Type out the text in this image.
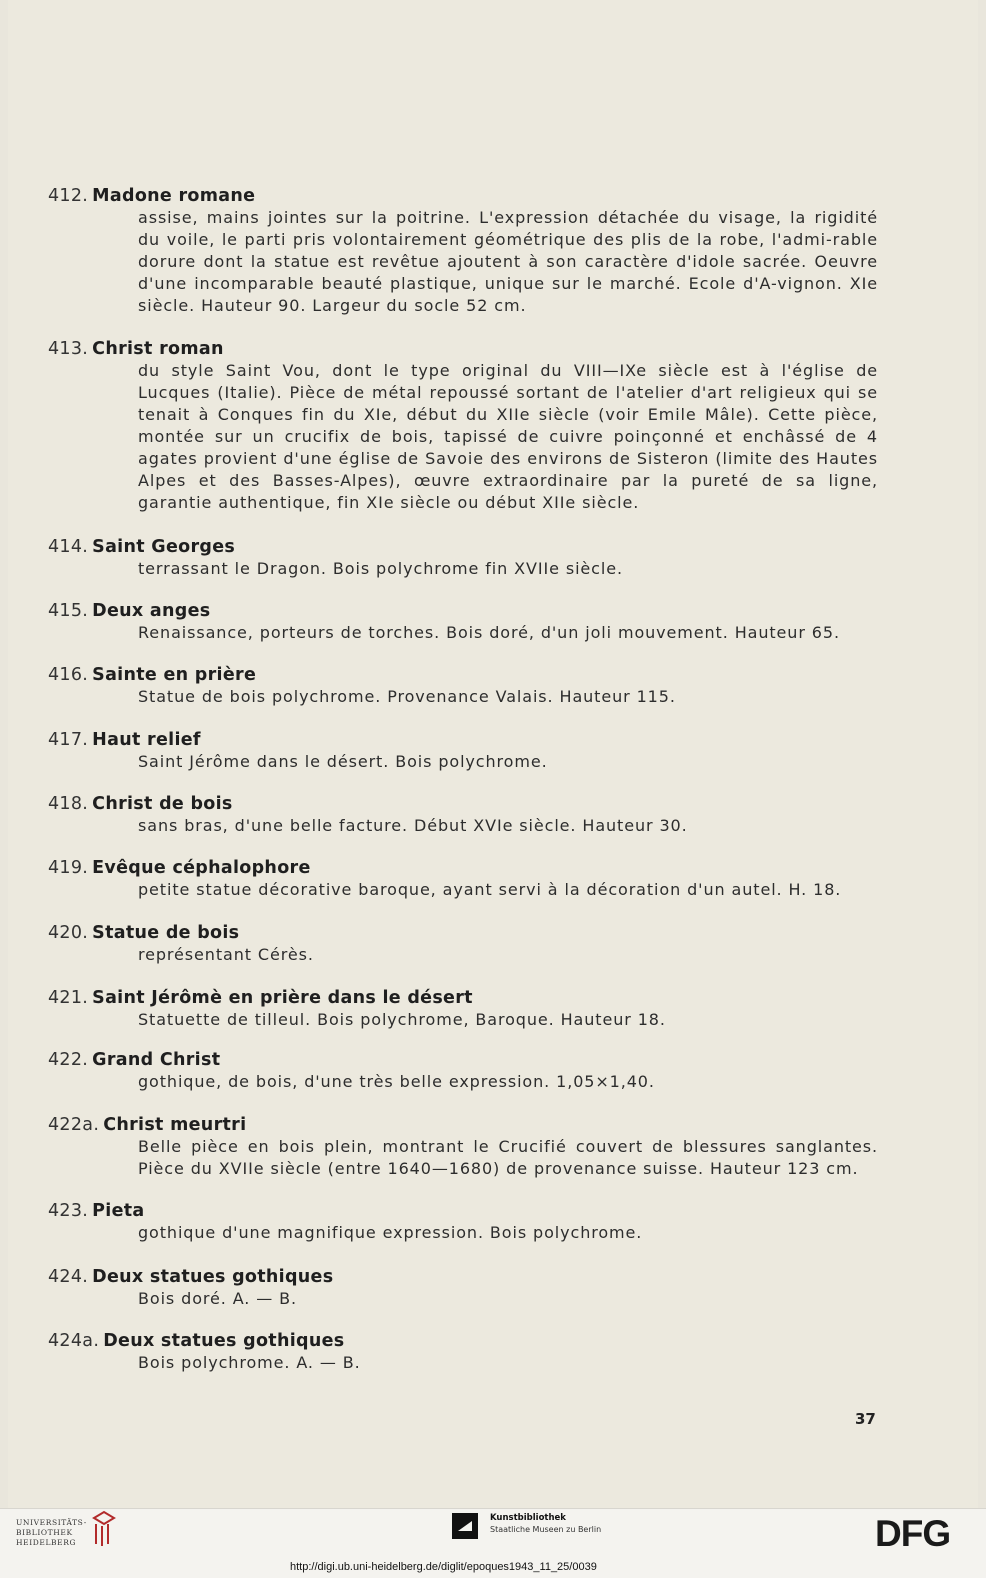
412. Madone romane
assise, mains jointes sur la poitrine. L'expression détachée du visage, la rigidité du voile, le parti pris volontairement géométrique des plis de la robe, l'admi-rable dorure dont la statue est revêtue ajoutent à son caractère d'idole sacrée. Oeuvre d'une incomparable beauté plastique, unique sur le marché. Ecole d'A-vignon. XIe siècle. Hauteur 90. Largeur du socle 52 cm.
413. Christ roman
du style Saint Vou, dont le type original du VIII—IXe siècle est à l'église de Lucques (Italie). Pièce de métal repoussé sortant de l'atelier d'art religieux qui se tenait à Conques fin du XIe, début du XIIe siècle (voir Emile Mâle). Cette pièce, montée sur un crucifix de bois, tapissé de cuivre poinçonné et enchâssé de 4 agates provient d'une église de Savoie des environs de Sisteron (limite des Hautes Alpes et des Basses-Alpes), œuvre extraordinaire par la pureté de sa ligne, garantie authentique, fin XIe siècle ou début XIIe siècle.
414. Saint Georges
terrassant le Dragon. Bois polychrome fin XVIIe siècle.
415. Deux anges
Renaissance, porteurs de torches. Bois doré, d'un joli mouvement. Hauteur 65.
416. Sainte en prière
Statue de bois polychrome. Provenance Valais. Hauteur 115.
417. Haut relief
Saint Jérôme dans le désert. Bois polychrome.
418. Christ de bois
sans bras, d'une belle facture. Début XVIe siècle. Hauteur 30.
419. Evêque céphalophore
petite statue décorative baroque, ayant servi à la décoration d'un autel. H. 18.
420. Statue de bois
représentant Cérès.
421. Saint Jérômè en prière dans le désert
Statuette de tilleul. Bois polychrome, Baroque. Hauteur 18.
422. Grand Christ
gothique, de bois, d'une très belle expression. 1,05×1,40.
422a. Christ meurtri
Belle pièce en bois plein, montrant le Crucifié couvert de blessures sanglantes. Pièce du XVIIe siècle (entre 1640—1680) de provenance suisse. Hauteur 123 cm.
423. Pieta
gothique d'une magnifique expression. Bois polychrome.
424. Deux statues gothiques
Bois doré. A. — B.
424a. Deux statues gothiques
Bois polychrome. A. — B.
37
UNIVERSITÄTS-
BIBLIOTHEK
HEIDELBERG
Kunstbibliothek
Staatliche Museen zu Berlin	DFG
http://digi.ub.uni-heidelberg.de/diglit/epoques1943_11_25/0039
